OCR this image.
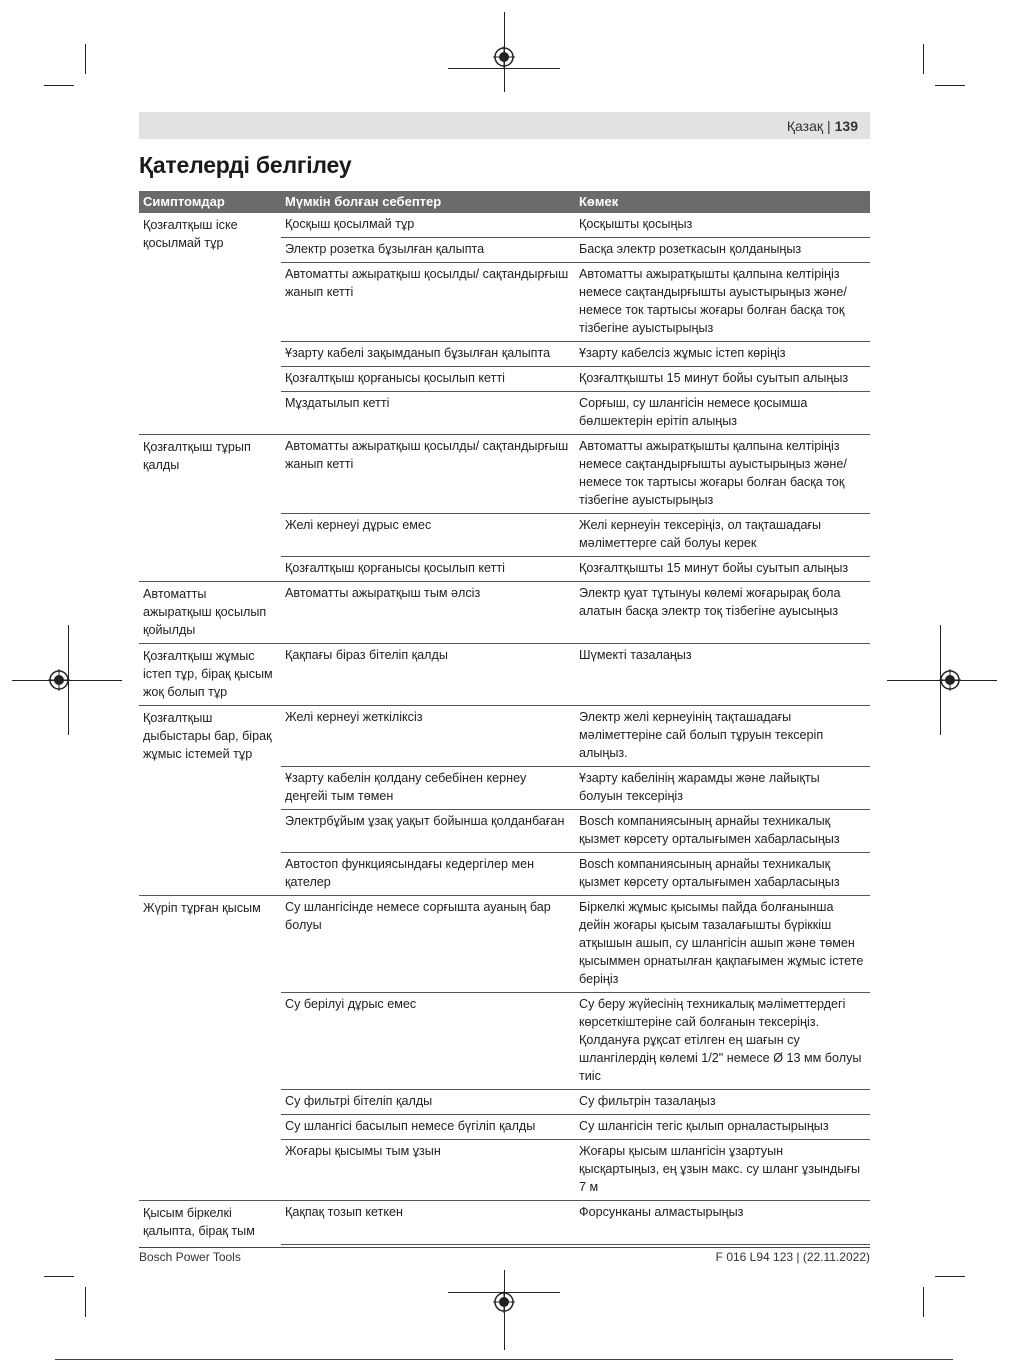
Қазақ | 139
Қателерді белгілеу
Симптомдар	Мүмкін болған себептер	Көмек
Қозғалтқыш іске қосылмай тұр	Қосқыш қосылмай тұр	Қосқышты қосыңыз
	Электр розетка бұзылған қалыпта	Басқа электр розеткасын қолданыңыз
	Автоматты ажыратқыш қосылды/ сақтандырғыш жанып кетті	Автоматты ажыратқышты қалпына келтіріңіз немесе сақтандырғышты ауыстырыңыз және/ немесе ток тартысы жоғары болған басқа тоқ тізбегіне ауыстырыңыз
	Ұзарту кабелі зақымданып бұзылған қалыпта	Ұзарту кабелсіз жұмыс істеп көріңіз
	Қозғалтқыш қорғанысы қосылып кетті	Қозғалтқышты 15 минут бойы суытып алыңыз
	Мұздатылып кетті	Сорғыш, су шлангісін немесе қосымша бөлшектерін ерітіп алыңыз
Қозғалтқыш тұрып қалды	Автоматты ажыратқыш қосылды/ сақтандырғыш жанып кетті	Автоматты ажыратқышты қалпына келтіріңіз немесе сақтандырғышты ауыстырыңыз және/ немесе ток тартысы жоғары болған басқа тоқ тізбегіне ауыстырыңыз
	Желі кернеуі дұрыс емес	Желі кернеуін тексеріңіз, ол тақташадағы мәліметтерге сай болуы керек
	Қозғалтқыш қорғанысы қосылып кетті	Қозғалтқышты 15 минут бойы суытып алыңыз
Автоматты ажыратқыш қосылып қойылды	Автоматты ажыратқыш тым әлсіз	Электр қуат тұтынуы көлемі жоғарырақ бола алатын басқа электр тоқ тізбегіне ауысыңыз
Қозғалтқыш жұмыс істеп тұр, бірақ қысым жоқ болып тұр	Қақпағы біраз бітеліп қалды	Шүмекті тазалаңыз
Қозғалтқыш дыбыстары бар, бірақ жұмыс істемей тұр	Желі кернеуі жеткіліксіз	Электр желі кернеуінің тақташадағы мәліметтеріне сай болып тұруын тексеріп алыңыз.
	Ұзарту кабелін қолдану себебінен кернеу деңгейі тым төмен	Ұзарту кабелінің жарамды және лайықты болуын тексеріңіз
	Электрбұйым ұзақ уақыт бойынша қолданбаған	Bosch компаниясының арнайы техникалық қызмет көрсету орталығымен хабарласыңыз
	Автостоп функциясындағы кедергілер мен қателер	Bosch компаниясының арнайы техникалық қызмет көрсету орталығымен хабарласыңыз
Жүріп тұрған қысым	Су шлангісінде немесе сорғышта ауаның бар болуы	Біркелкі жұмыс қысымы пайда болғанынша дейін жоғары қысым тазалағышты бүріккіш атқышын ашып, су шлангісін ашып және төмен қысыммен орнатылған қақпағымен жұмыс істете беріңіз
	Су берілуі дұрыс емес	Су беру жүйесінің техникалық мәліметтердегі көрсеткіштеріне сай болғанын тексеріңіз. Қолдануға рұқсат етілген ең шағын су шлангілердің көлемі 1/2" немесе Ø 13 мм болуы тиіс
	Су фильтрі бітеліп қалды	Су фильтрін тазалаңыз
	Су шлангісі басылып немесе бүгіліп қалды	Су шлангісін тегіс қылып орналастырыңыз
	Жоғары қысымы тым ұзын	Жоғары қысым шлангісін ұзартуын қысқартыңыз, ең ұзын макс. су шланг ұзындығы 7 м
Қысым біркелкі қалыпта, бірақ тым	Қақпақ тозып кеткен	Форсунканы алмастырыңыз
Bosch Power Tools	F 016 L94 123 | (22.11.2022)
